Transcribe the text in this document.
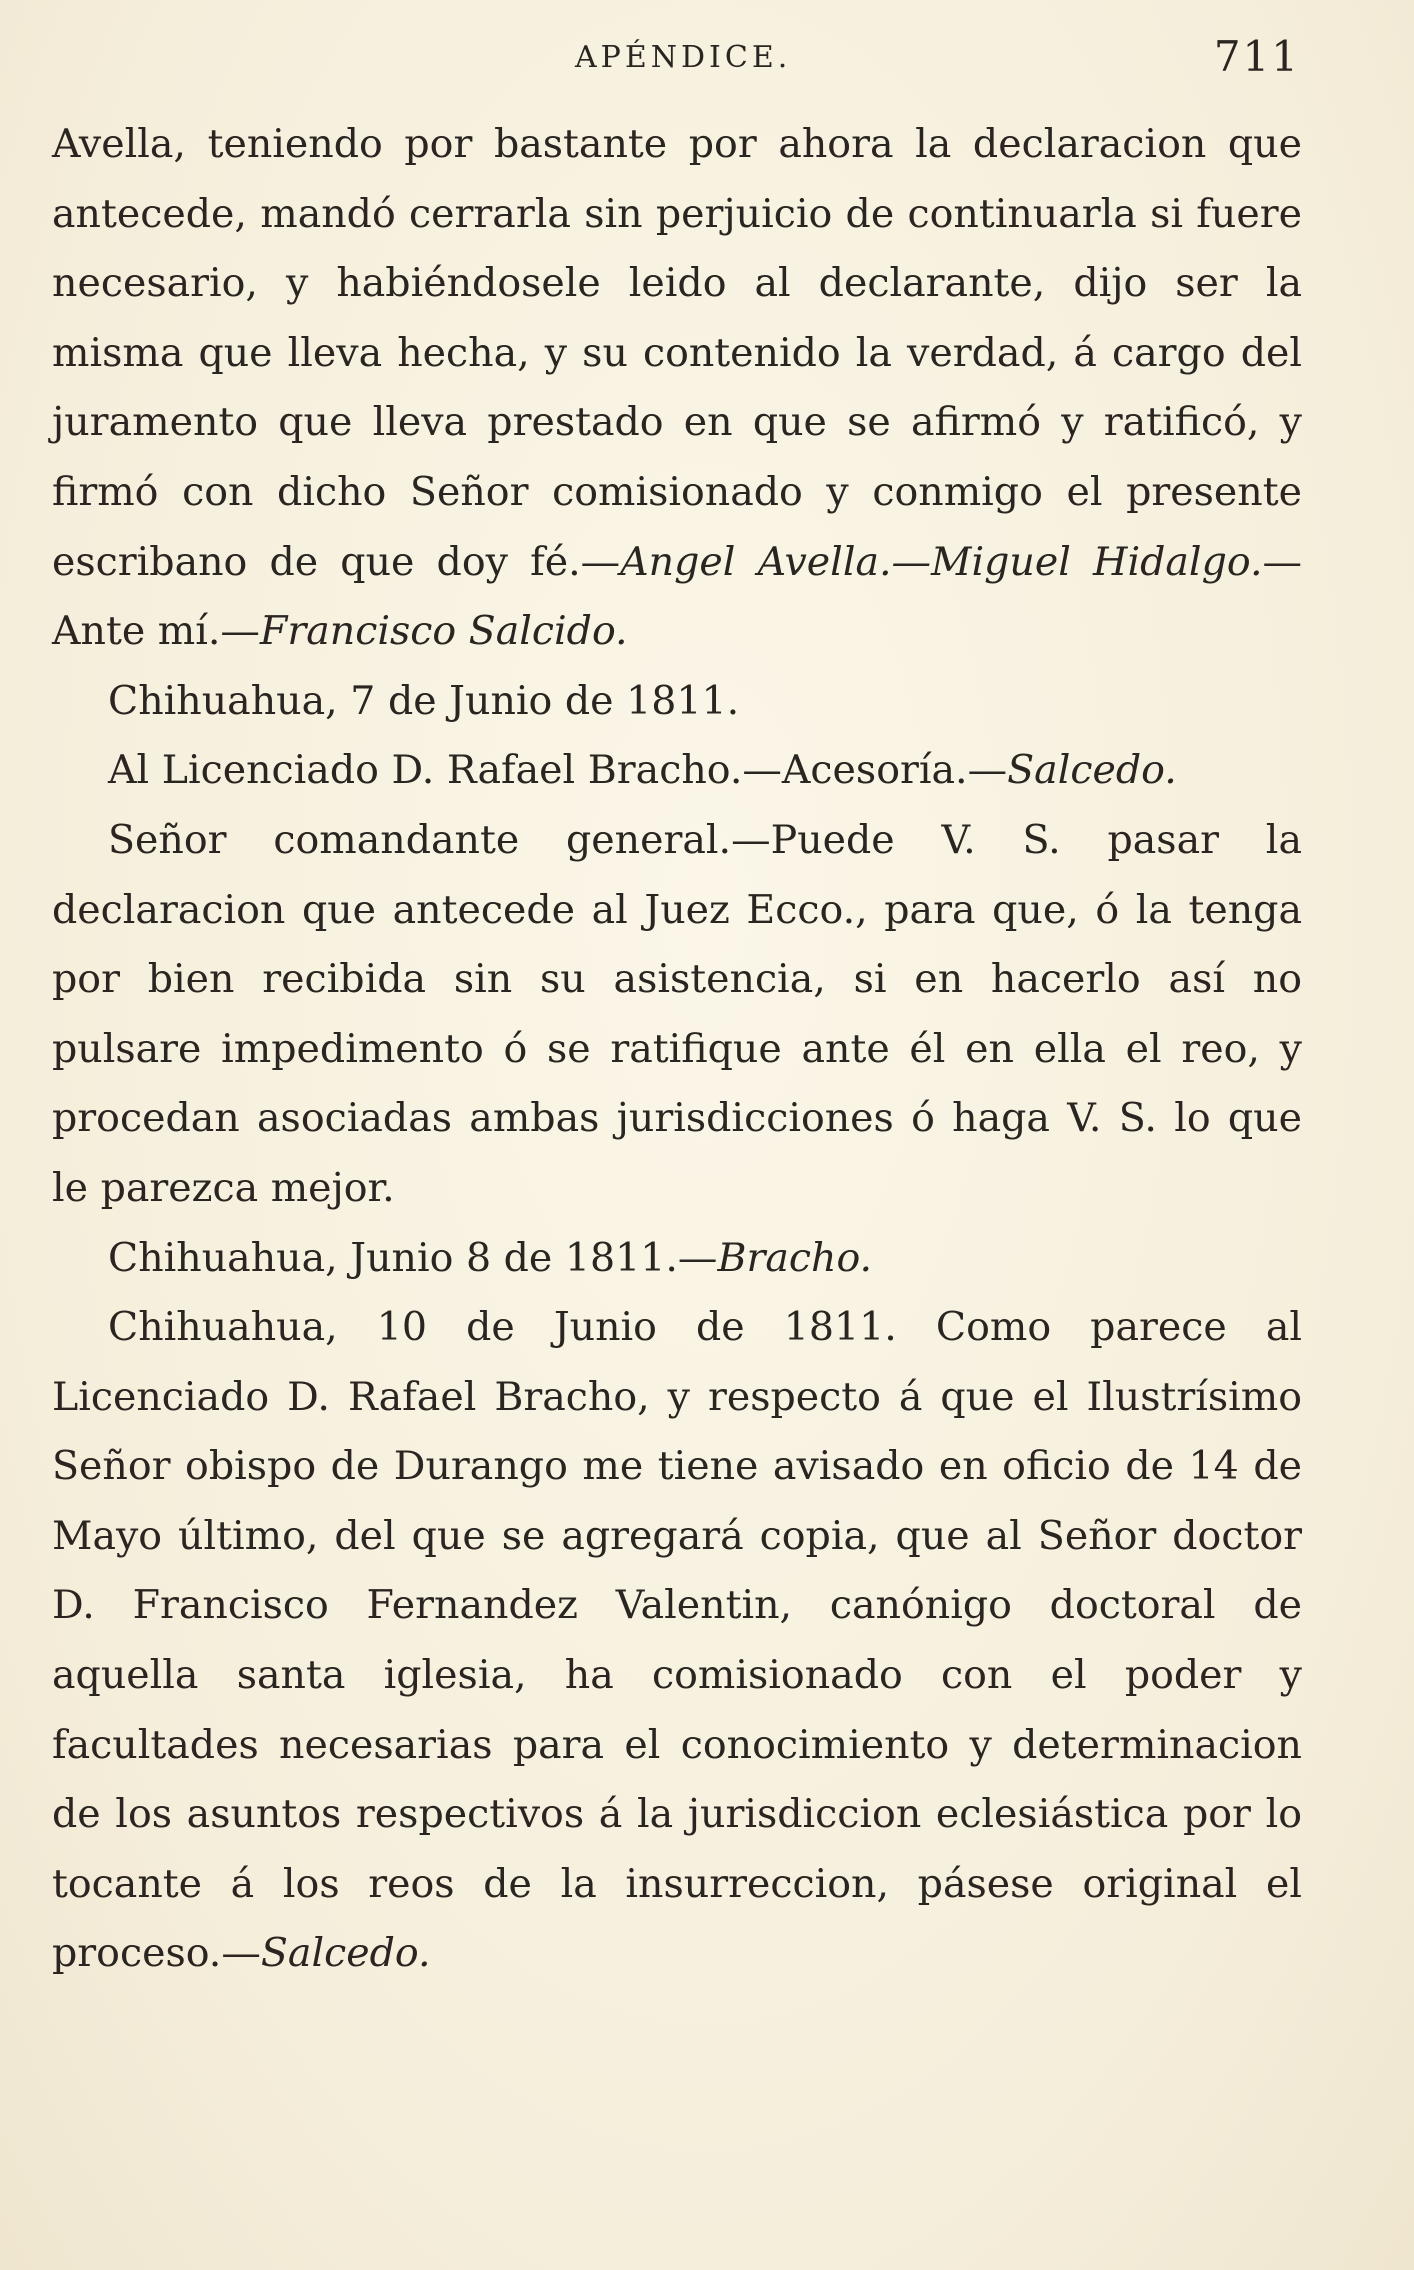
APÉNDICE.	711

Avella, teniendo por bastante por ahora la declaracion que antecede, mandó cerrarla sin perjuicio de continuarla si fuere necesario, y habiéndosele leido al declarante, dijo ser la misma que lleva hecha, y su contenido la verdad, á cargo del juramento que lleva prestado en que se afirmó y ratificó, y firmó con dicho Señor comisionado y conmigo el presente escribano de que doy fé.—Angel Avella.—Miguel Hidalgo.—Ante mí.—Francisco Salcido.

Chihuahua, 7 de Junio de 1811.

Al Licenciado D. Rafael Bracho.—Acesoría.—Salcedo.

Señor comandante general.—Puede V. S. pasar la declaracion que antecede al Juez Ecco., para que, ó la tenga por bien recibida sin su asistencia, si en hacerlo así no pulsare impedimento ó se ratifique ante él en ella el reo, y procedan asociadas ambas jurisdicciones ó haga V. S. lo que le parezca mejor.

Chihuahua, Junio 8 de 1811.—Bracho.

Chihuahua, 10 de Junio de 1811. Como parece al Licenciado D. Rafael Bracho, y respecto á que el Ilustrísimo Señor obispo de Durango me tiene avisado en oficio de 14 de Mayo último, del que se agregará copia, que al Señor doctor D. Francisco Fernandez Valentin, canónigo doctoral de aquella santa iglesia, ha comisionado con el poder y facultades necesarias para el conocimiento y determinacion de los asuntos respectivos á la jurisdiccion eclesiástica por lo tocante á los reos de la insurreccion, pásese original el proceso.—Salcedo.
